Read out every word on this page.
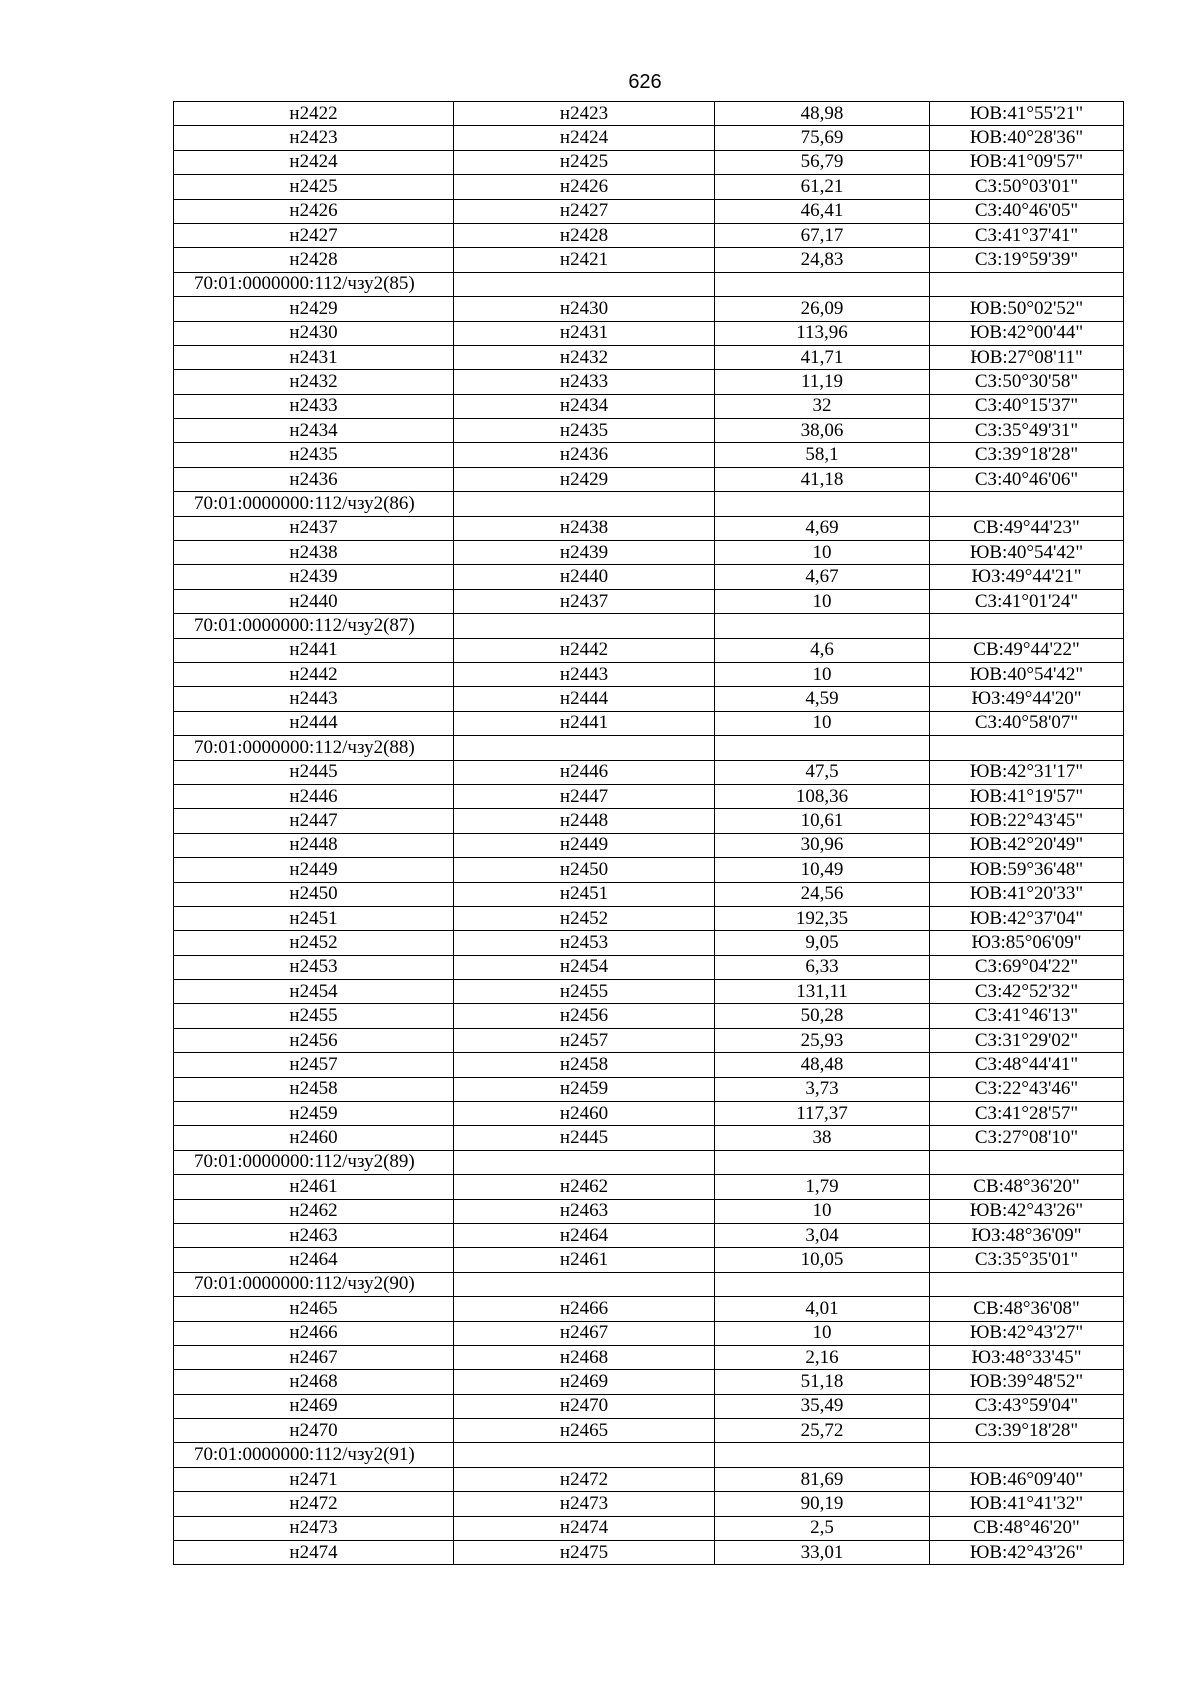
626
н2422	н2423	48,98	ЮВ:41°55'21"
н2423	н2424	75,69	ЮВ:40°28'36"
н2424	н2425	56,79	ЮВ:41°09'57"
н2425	н2426	61,21	СЗ:50°03'01"
н2426	н2427	46,41	СЗ:40°46'05"
н2427	н2428	67,17	СЗ:41°37'41"
н2428	н2421	24,83	СЗ:19°59'39"
70:01:0000000:112/чзу2(85)			
н2429	н2430	26,09	ЮВ:50°02'52"
н2430	н2431	113,96	ЮВ:42°00'44"
н2431	н2432	41,71	ЮВ:27°08'11"
н2432	н2433	11,19	СЗ:50°30'58"
н2433	н2434	32	СЗ:40°15'37"
н2434	н2435	38,06	СЗ:35°49'31"
н2435	н2436	58,1	СЗ:39°18'28"
н2436	н2429	41,18	СЗ:40°46'06"
70:01:0000000:112/чзу2(86)			
н2437	н2438	4,69	СВ:49°44'23"
н2438	н2439	10	ЮВ:40°54'42"
н2439	н2440	4,67	ЮЗ:49°44'21"
н2440	н2437	10	СЗ:41°01'24"
70:01:0000000:112/чзу2(87)			
н2441	н2442	4,6	СВ:49°44'22"
н2442	н2443	10	ЮВ:40°54'42"
н2443	н2444	4,59	ЮЗ:49°44'20"
н2444	н2441	10	СЗ:40°58'07"
70:01:0000000:112/чзу2(88)			
н2445	н2446	47,5	ЮВ:42°31'17"
н2446	н2447	108,36	ЮВ:41°19'57"
н2447	н2448	10,61	ЮВ:22°43'45"
н2448	н2449	30,96	ЮВ:42°20'49"
н2449	н2450	10,49	ЮВ:59°36'48"
н2450	н2451	24,56	ЮВ:41°20'33"
н2451	н2452	192,35	ЮВ:42°37'04"
н2452	н2453	9,05	ЮЗ:85°06'09"
н2453	н2454	6,33	СЗ:69°04'22"
н2454	н2455	131,11	СЗ:42°52'32"
н2455	н2456	50,28	СЗ:41°46'13"
н2456	н2457	25,93	СЗ:31°29'02"
н2457	н2458	48,48	СЗ:48°44'41"
н2458	н2459	3,73	СЗ:22°43'46"
н2459	н2460	117,37	СЗ:41°28'57"
н2460	н2445	38	СЗ:27°08'10"
70:01:0000000:112/чзу2(89)			
н2461	н2462	1,79	СВ:48°36'20"
н2462	н2463	10	ЮВ:42°43'26"
н2463	н2464	3,04	ЮЗ:48°36'09"
н2464	н2461	10,05	СЗ:35°35'01"
70:01:0000000:112/чзу2(90)			
н2465	н2466	4,01	СВ:48°36'08"
н2466	н2467	10	ЮВ:42°43'27"
н2467	н2468	2,16	ЮЗ:48°33'45"
н2468	н2469	51,18	ЮВ:39°48'52"
н2469	н2470	35,49	СЗ:43°59'04"
н2470	н2465	25,72	СЗ:39°18'28"
70:01:0000000:112/чзу2(91)			
н2471	н2472	81,69	ЮВ:46°09'40"
н2472	н2473	90,19	ЮВ:41°41'32"
н2473	н2474	2,5	СВ:48°46'20"
н2474	н2475	33,01	ЮВ:42°43'26"
